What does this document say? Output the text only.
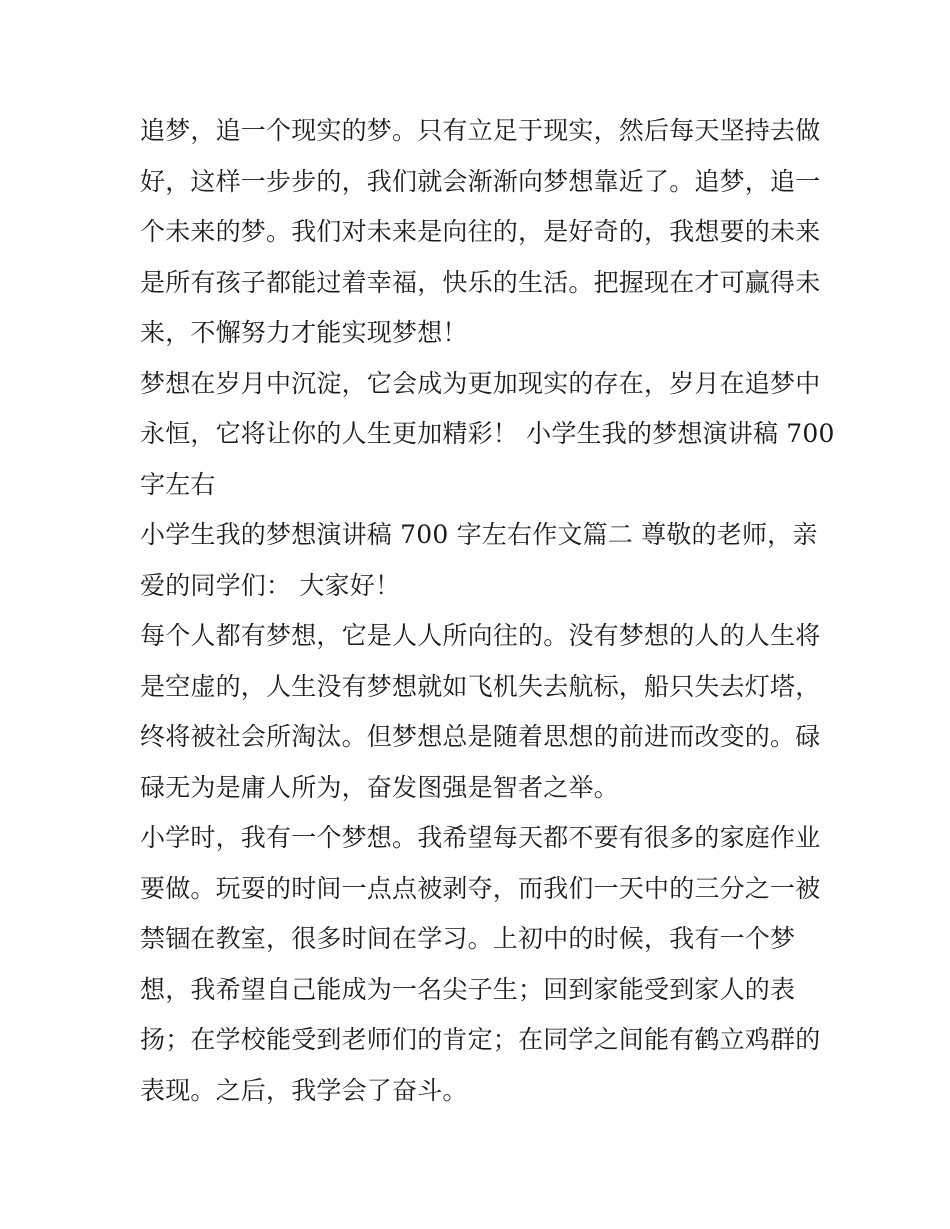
追梦，追一个现实的梦。只有立足于现实，然后每天坚持去做
好，这样一步步的，我们就会渐渐向梦想靠近了。追梦，追一
个未来的梦。我们对未来是向往的，是好奇的，我想要的未来
是所有孩子都能过着幸福，快乐的生活。把握现在才可赢得未
来，不懈努力才能实现梦想！
梦想在岁月中沉淀，它会成为更加现实的存在，岁月在追梦中
永恒，它将让你的人生更加精彩！ 小学生我的梦想演讲稿 700
字左右
小学生我的梦想演讲稿 700 字左右作文篇二 尊敬的老师，亲
爱的同学们： 大家好！
每个人都有梦想，它是人人所向往的。没有梦想的人的人生将
是空虚的，人生没有梦想就如飞机失去航标，船只失去灯塔，
终将被社会所淘汰。但梦想总是随着思想的前进而改变的。碌
碌无为是庸人所为，奋发图强是智者之举。
小学时，我有一个梦想。我希望每天都不要有很多的家庭作业
要做。玩耍的时间一点点被剥夺，而我们一天中的三分之一被
禁锢在教室，很多时间在学习。上初中的时候，我有一个梦
想，我希望自己能成为一名尖子生；回到家能受到家人的表
扬；在学校能受到老师们的肯定；在同学之间能有鹤立鸡群的
表现。之后，我学会了奋斗。
